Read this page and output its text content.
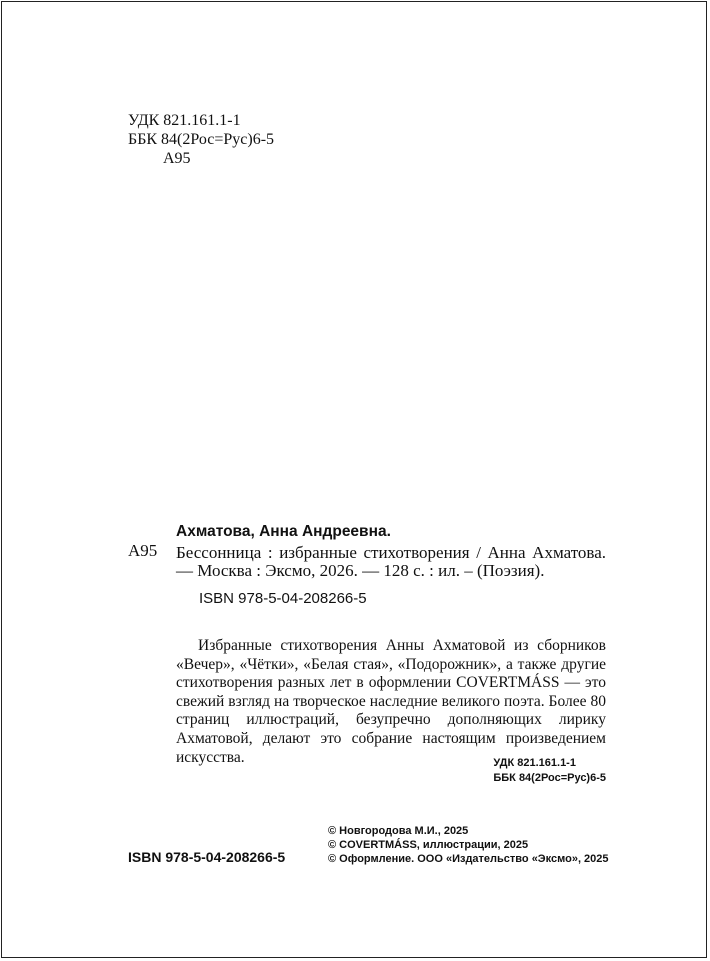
УДК 821.161.1-1
ББК 84(2Рос=Рус)6-5
А95
А95
Ахматова, Анна Андреевна.
Бессонница : избранные стихотворения / Анна Ахматова. — Москва : Эксмо, 2026. — 128 с. : ил. – (Поэзия).
ISBN 978-5-04-208266-5

Избранные стихотворения Анны Ахматовой из сборников «Вечер», «Чётки», «Белая стая», «Подорожник», а также другие стихотворения разных лет в оформлении COVERTMÁSS — это свежий взгляд на творческое наследние великого поэта. Более 80 страниц иллюстраций, безупречно дополняющих лирику Ахматовой, делают это собрание настоящим произведением искусства.	УДК 821.161.1-1
ББК 84(2Рос=Рус)6-5
ISBN 978-5-04-208266-5
© Новгородова М.И., 2025
© COVERTMÁSS, иллюстрации, 2025
© Оформление. ООО «Издательство «Эксмо», 2025
